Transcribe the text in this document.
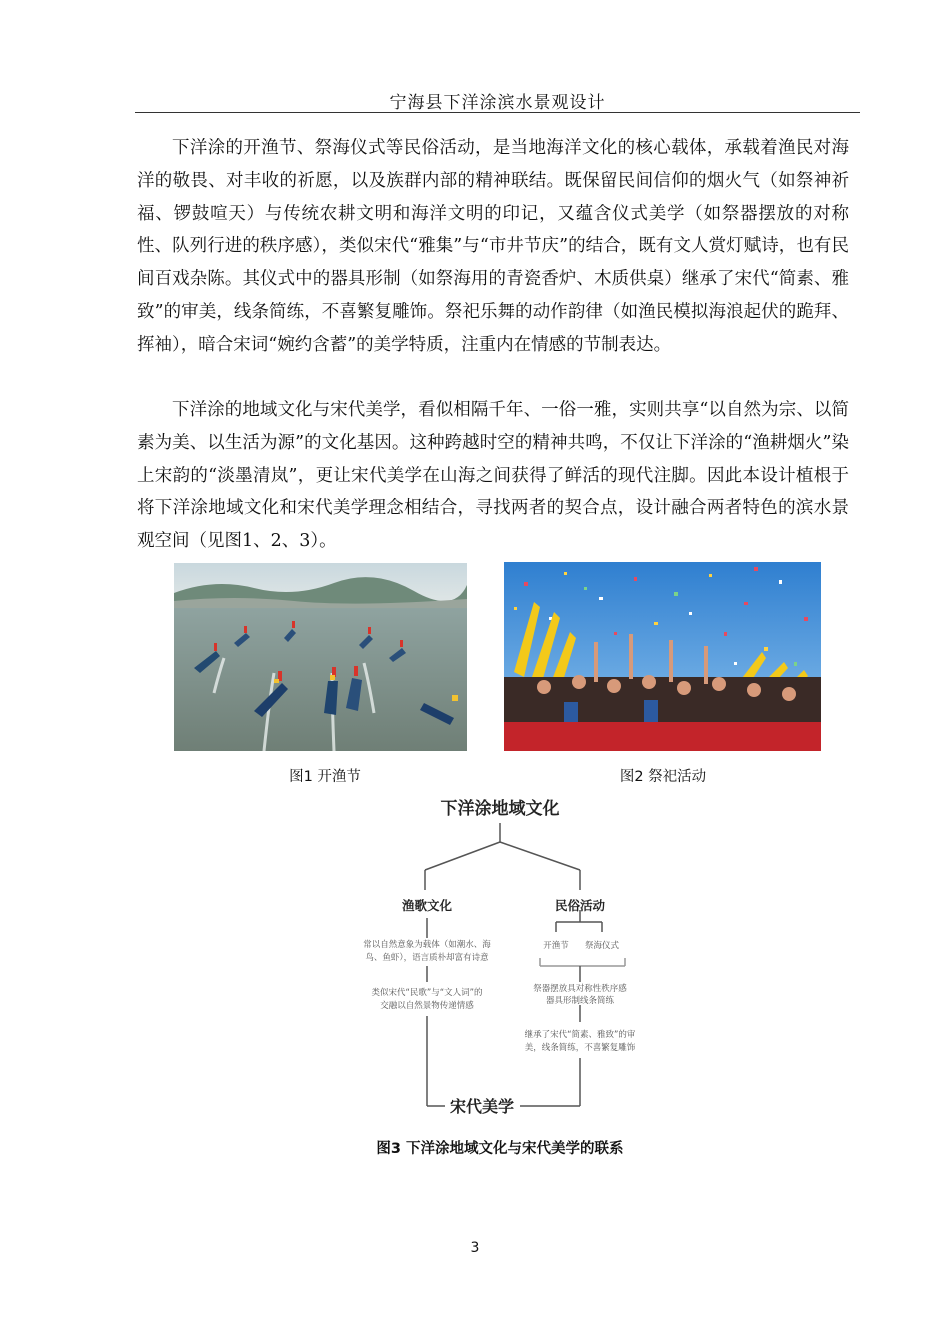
宁海县下洋涂滨水景观设计

下洋涂的开渔节、祭海仪式等民俗活动，是当地海洋文化的核心载体，承载着渔民对海洋的敬畏、对丰收的祈愿，以及族群内部的精神联结。既保留民间信仰的烟火气（如祭神祈福、锣鼓喧天）与传统农耕文明和海洋文明的印记，又蕴含仪式美学（如祭器摆放的对称性、队列行进的秩序感），类似宋代“雅集”与“市井节庆”的结合，既有文人赏灯赋诗，也有民间百戏杂陈。其仪式中的器具形制（如祭海用的青瓷香炉、木质供桌）继承了宋代“简素、雅致”的审美，线条简练，不喜繁复雕饰。祭祀乐舞的动作韵律（如渔民模拟海浪起伏的跪拜、挥袖），暗合宋词“婉约含蓄”的美学特质，注重内在情感的节制表达。

下洋涂的地域文化与宋代美学，看似相隔千年、一俗一雅，实则共享“以自然为宗、以简素为美、以生活为源”的文化基因。这种跨越时空的精神共鸣，不仅让下洋涂的“渔耕烟火”染上宋韵的“淡墨清岚”，更让宋代美学在山海之间获得了鲜活的现代注脚。因此本设计植根于将下洋涂地域文化和宋代美学理念相结合，寻找两者的契合点，设计融合两者特色的滨水景观空间（见图1、2、3）。

图1 开渔节	图2 祭祀活动
下洋涂地域文化
渔歌文化	民俗活动
常以自然意象为载体（如潮水、海
鸟、鱼虾），语言质朴却富有诗意
类似宋代“民歌”与“文人词”的
交融以自然景物传递情感
开渔节 祭海仪式
祭器摆放具对称性秩序感
器具形制线条简练
继承了宋代“简素、雅致”的审
美，线条简练，不喜繁复雕饰
宋代美学
图3 下洋涂地域文化与宋代美学的联系
3
